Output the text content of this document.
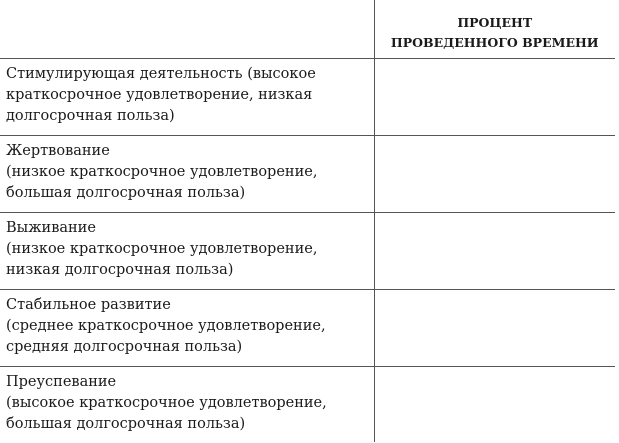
	ПРОЦЕНТ
ПРОВЕДЕННОГО ВРЕМЕНИ

Стимулирующая деятельность (высокое
краткосрочное удовлетворение, низкая
долгосрочная польза)	

Жертвование
(низкое краткосрочное удовлетворение,
большая долгосрочная польза)	

Выживание
(низкое краткосрочное удовлетворение,
низкая долгосрочная польза)	

Стабильное развитие
(среднее краткосрочное удовлетворение,
средняя долгосрочная польза)	

Преуспевание
(высокое краткосрочное удовлетворение,
большая долгосрочная польза)	
